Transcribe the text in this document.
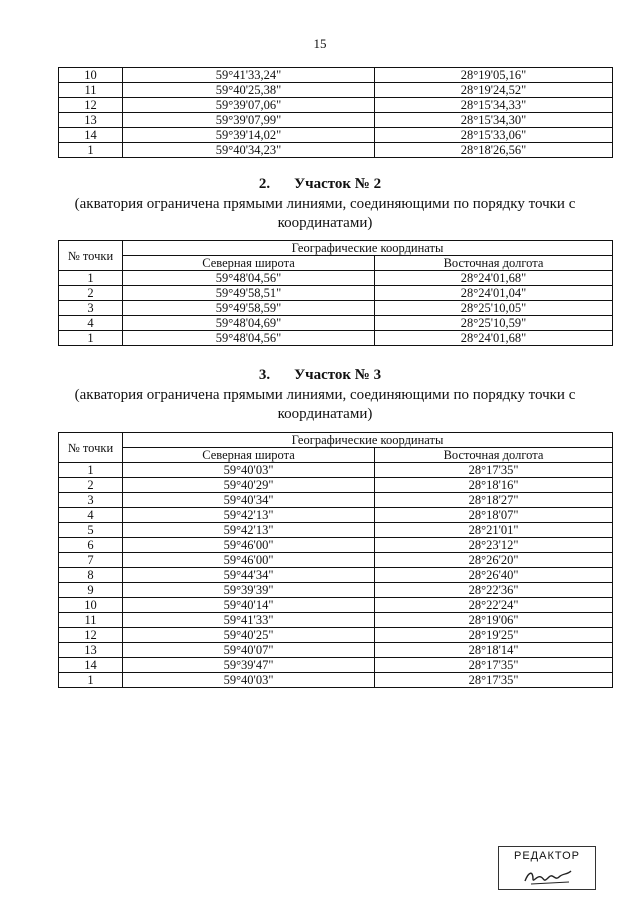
15
10	59°41'33,24"	28°19'05,16"
11	59°40'25,38"	28°19'24,52"
12	59°39'07,06"	28°15'34,33"
13	59°39'07,99"	28°15'34,30"
14	59°39'14,02"	28°15'33,06"
1	59°40'34,23"	28°18'26,56"
2. Участок № 2
(акватория ограничена прямыми линиями, соединяющими по порядку точки с координатами)
№ точки	Географические координаты	
	Северная широта	Восточная долгота
1	59°48'04,56"	28°24'01,68"
2	59°49'58,51"	28°24'01,04"
3	59°49'58,59"	28°25'10,05"
4	59°48'04,69"	28°25'10,59"
1	59°48'04,56"	28°24'01,68"
3. Участок № 3
(акватория ограничена прямыми линиями, соединяющими по порядку точки с координатами)
№ точки	Географические координаты	
	Северная широта	Восточная долгота
1	59°40'03"	28°17'35"
2	59°40'29"	28°18'16"
3	59°40'34"	28°18'27"
4	59°42'13"	28°18'07"
5	59°42'13"	28°21'01"
6	59°46'00"	28°23'12"
7	59°46'00"	28°26'20"
8	59°44'34"	28°26'40"
9	59°39'39"	28°22'36"
10	59°40'14"	28°22'24"
11	59°41'33"	28°19'06"
12	59°40'25"	28°19'25"
13	59°40'07"	28°18'14"
14	59°39'47"	28°17'35"
1	59°40'03"	28°17'35"
РЕДАКТОР
